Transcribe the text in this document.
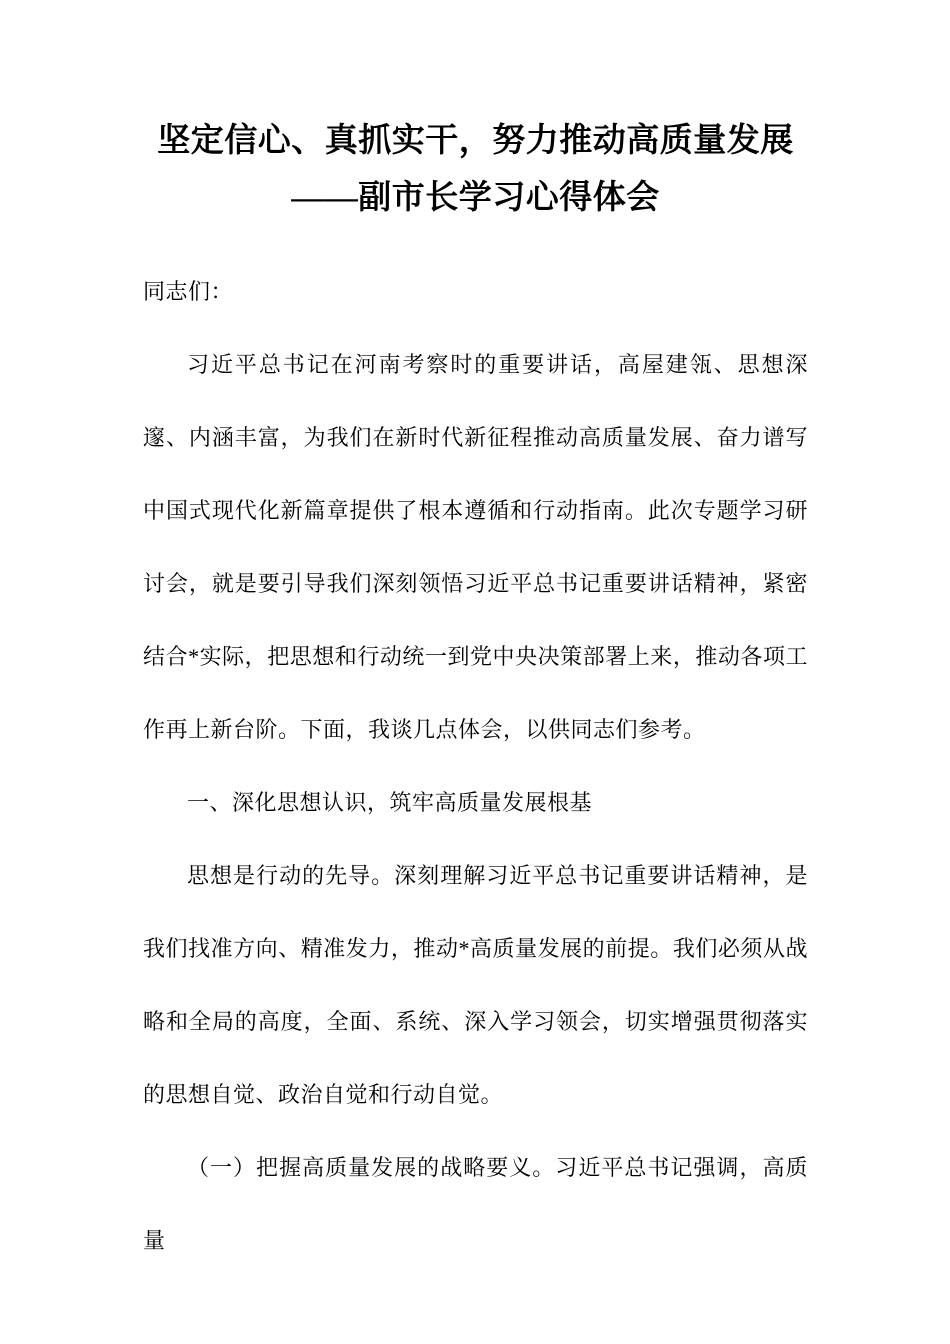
坚定信心、真抓实干，努力推动高质量发展——副市长学习心得体会

同志们：

习近平总书记在河南考察时的重要讲话，高屋建瓴、思想深邃、内涵丰富，为我们在新时代新征程推动高质量发展、奋力谱写中国式现代化新篇章提供了根本遵循和行动指南。此次专题学习研讨会，就是要引导我们深刻领悟习近平总书记重要讲话精神，紧密结合*实际，把思想和行动统一到党中央决策部署上来，推动各项工作再上新台阶。下面，我谈几点体会，以供同志们参考。

一、深化思想认识，筑牢高质量发展根基

思想是行动的先导。深刻理解习近平总书记重要讲话精神，是我们找准方向、精准发力，推动*高质量发展的前提。我们必须从战略和全局的高度，全面、系统、深入学习领会，切实增强贯彻落实的思想自觉、政治自觉和行动自觉。

（一）把握高质量发展的战略要义。习近平总书记强调，高质量
